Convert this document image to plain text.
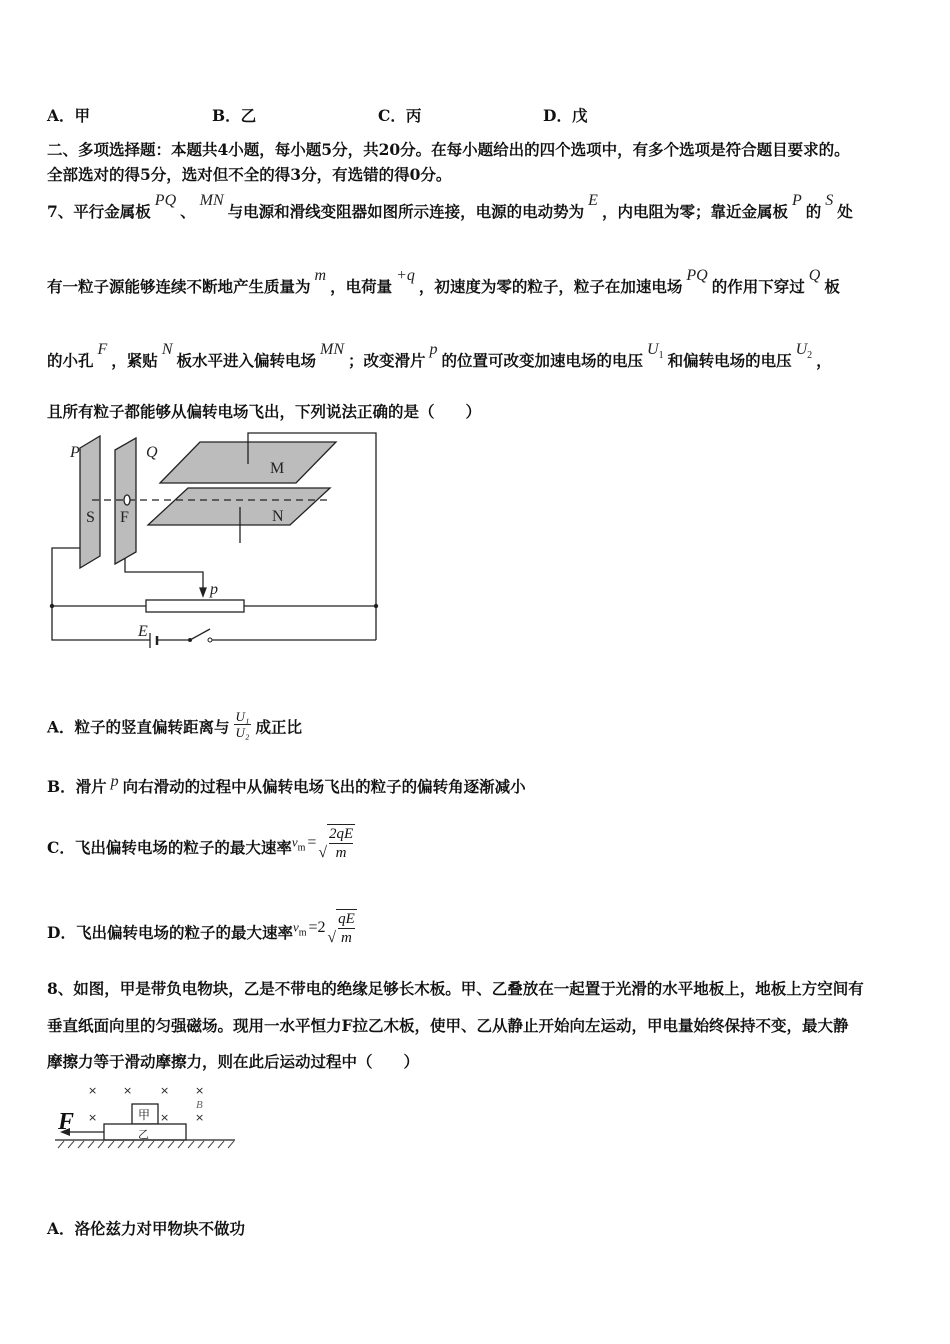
A．甲	B．乙	C．丙	D．戊
二、多项选择题：本题共4小题，每小题5分，共20分。在每小题给出的四个选项中，有多个选项是符合题目要求的。
全部选对的得5分，选对但不全的得3分，有选错的得0分。
7、平行金属板PQ、MN与电源和滑线变阻器如图所示连接，电源的电动势为E，内电阻为零；靠近金属板P的S处
有一粒子源能够连续不断地产生质量为m，电荷量+q，初速度为零的粒子，粒子在加速电场PQ的作用下穿过Q板
的小孔F，紧贴N板水平进入偏转电场MN；改变滑片p的位置可改变加速电场的电压$U_1$ 和偏转电场的电压$U_2$ ，
且所有粒子都能够从偏转电场飞出，下列说法正确的是（　　）
P	Q
M
N
S F
p
E
A．粒子的竖直偏转距离与 $\frac{\text{U₁}}{\text{U₂}}$ 成正比
B．滑片 p 向右滑动的过程中从偏转电场飞出的粒子的偏转角逐渐减小
C．飞出偏转电场的粒子的最大速率$v_m$ =√ $\frac{2qE}{m}$
D．飞出偏转电场的粒子的最大速率$v_m =2√ \frac{qE}{m}$
8、如图，甲是带负电物块，乙是不带电的绝缘足够长木板。甲、乙叠放在一起置于光滑的水平地板上，地板上方空间有
垂直纸面向里的匀强磁场。现用一水平恒力F拉乙木板，使甲、乙从静止开始向左运动，甲电量始终保持不变，最大静
摩擦力等于滑动摩擦力，则在此后运动过程中（　　）
× ×	× ×
×	× ×
B
F	甲
乙
A．洛伦兹力对甲物块不做功
